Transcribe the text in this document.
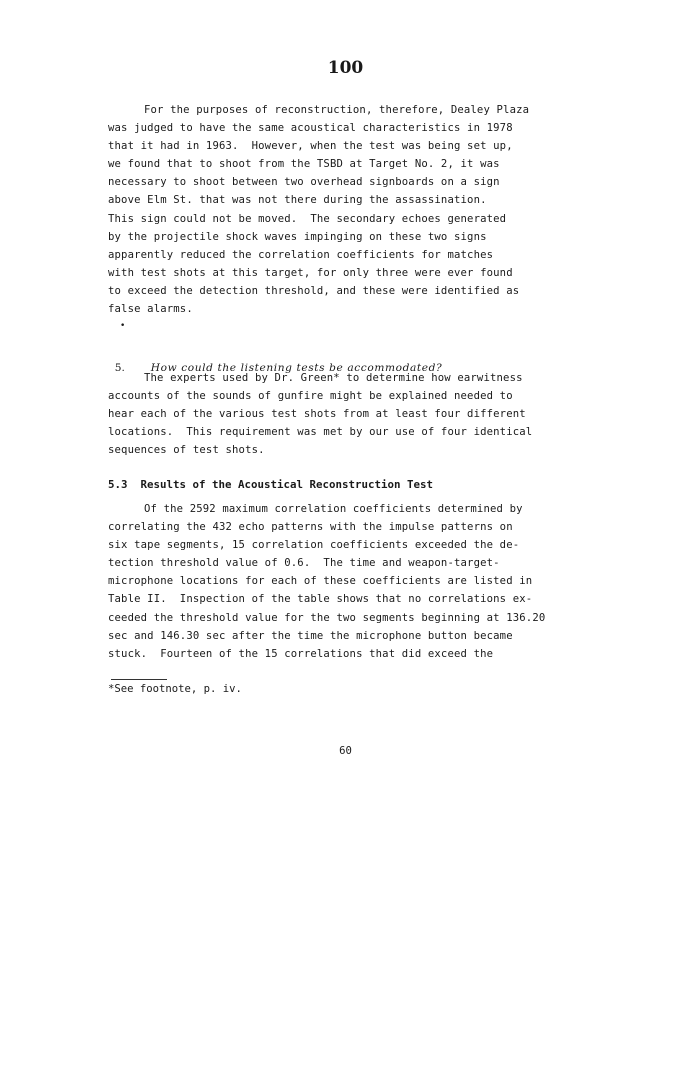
100
For the purposes of reconstruction, therefore, Dealey Plaza
was judged to have the same acoustical characteristics in 1978
that it had in 1963.  However, when the test was being set up,
we found that to shoot from the TSBD at Target No. 2, it was
necessary to shoot between two overhead signboards on a sign
above Elm St. that was not there during the assassination.
This sign could not be moved.  The secondary echoes generated
by the projectile shock waves impinging on these two signs
apparently reduced the correlation coefficients for matches
with test shots at this target, for only three were ever found
to exceed the detection threshold, and these were identified as
false alarms.
•

5. How could the listening tests be accommodated?

The experts used by Dr. Green* to determine how earwitness
accounts of the sounds of gunfire might be explained needed to
hear each of the various test shots from at least four different
locations.  This requirement was met by our use of four identical
sequences of test shots.
5.3  Results of the Acoustical Reconstruction Test
Of the 2592 maximum correlation coefficients determined by
correlating the 432 echo patterns with the impulse patterns on
six tape segments, 15 correlation coefficients exceeded the de-
tection threshold value of 0.6.  The time and weapon-target-
microphone locations for each of these coefficients are listed in
Table II.  Inspection of the table shows that no correlations ex-
ceeded the threshold value for the two segments beginning at 136.20
sec and 146.30 sec after the time the microphone button became
stuck.  Fourteen of the 15 correlations that did exceed the
*See footnote, p. iv.
60
